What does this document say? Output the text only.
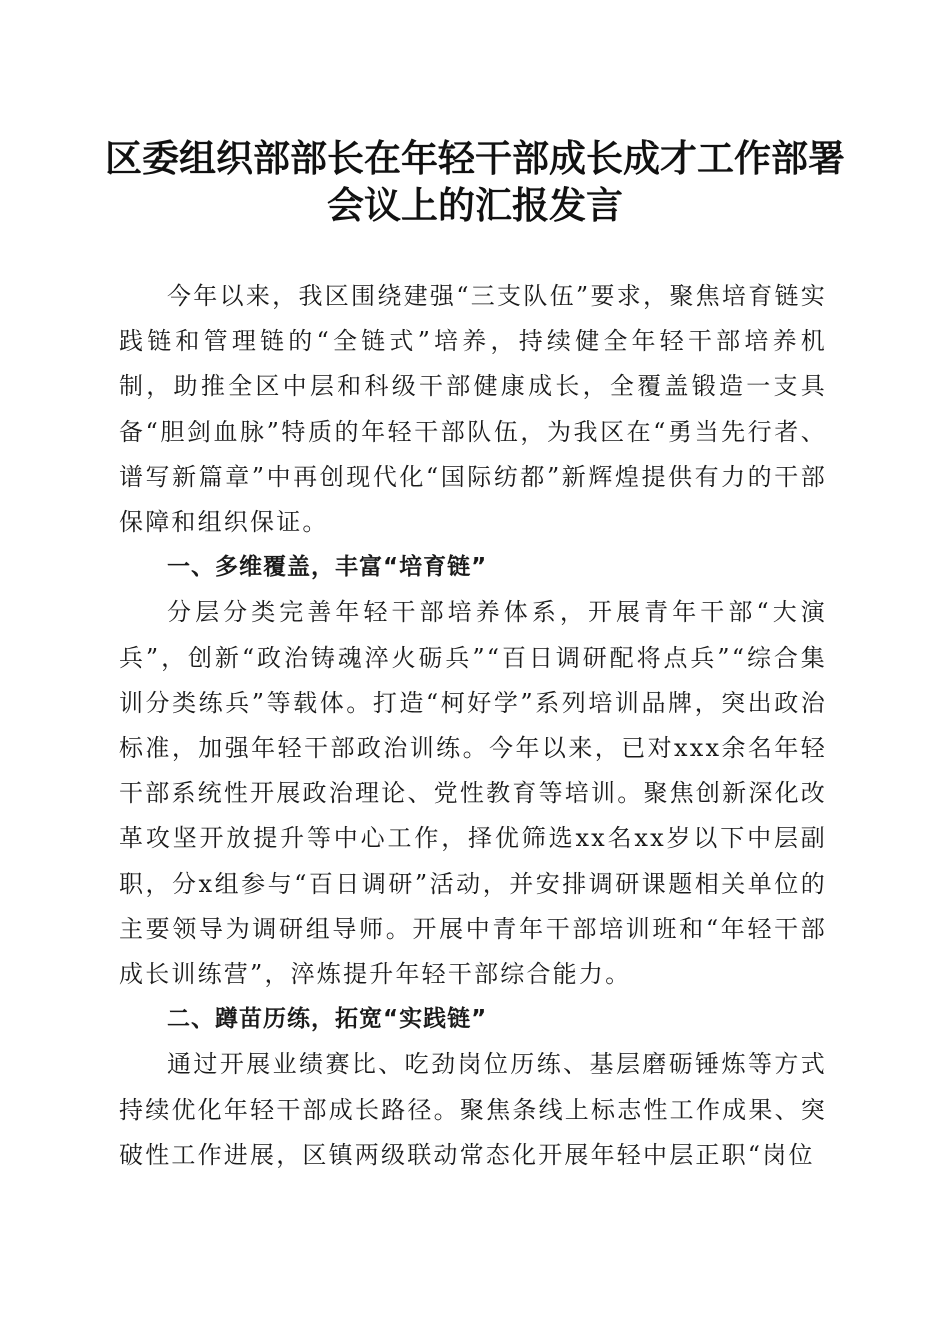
区委组织部部长在年轻干部成长成才工作部署
会议上的汇报发言

今年以来，我区围绕建强“三支队伍”要求，聚焦培育链实践链和管理链的“全链式”培养，持续健全年轻干部培养机制，助推全区中层和科级干部健康成长，全覆盖锻造一支具备“胆剑血脉”特质的年轻干部队伍，为我区在“勇当先行者、谱写新篇章”中再创现代化“国际纺都”新辉煌提供有力的干部保障和组织保证。

一、多维覆盖，丰富“培育链”

分层分类完善年轻干部培养体系，开展青年干部“大演兵”，创新“政治铸魂淬火砺兵”“百日调研配将点兵”“综合集训分类练兵”等载体。打造“柯好学”系列培训品牌，突出政治标准，加强年轻干部政治训练。今年以来，已对xxx余名年轻干部系统性开展政治理论、党性教育等培训。聚焦创新深化改革攻坚开放提升等中心工作，择优筛选xx名xx岁以下中层副职，分x组参与“百日调研”活动，并安排调研课题相关单位的主要领导为调研组导师。开展中青年干部培训班和“年轻干部成长训练营”，淬炼提升年轻干部综合能力。

二、蹲苗历练，拓宽“实践链”

通过开展业绩赛比、吃劲岗位历练、基层磨砺锤炼等方式持续优化年轻干部成长路径。聚焦条线上标志性工作成果、突破性工作进展，区镇两级联动常态化开展年轻中层正职“岗位
